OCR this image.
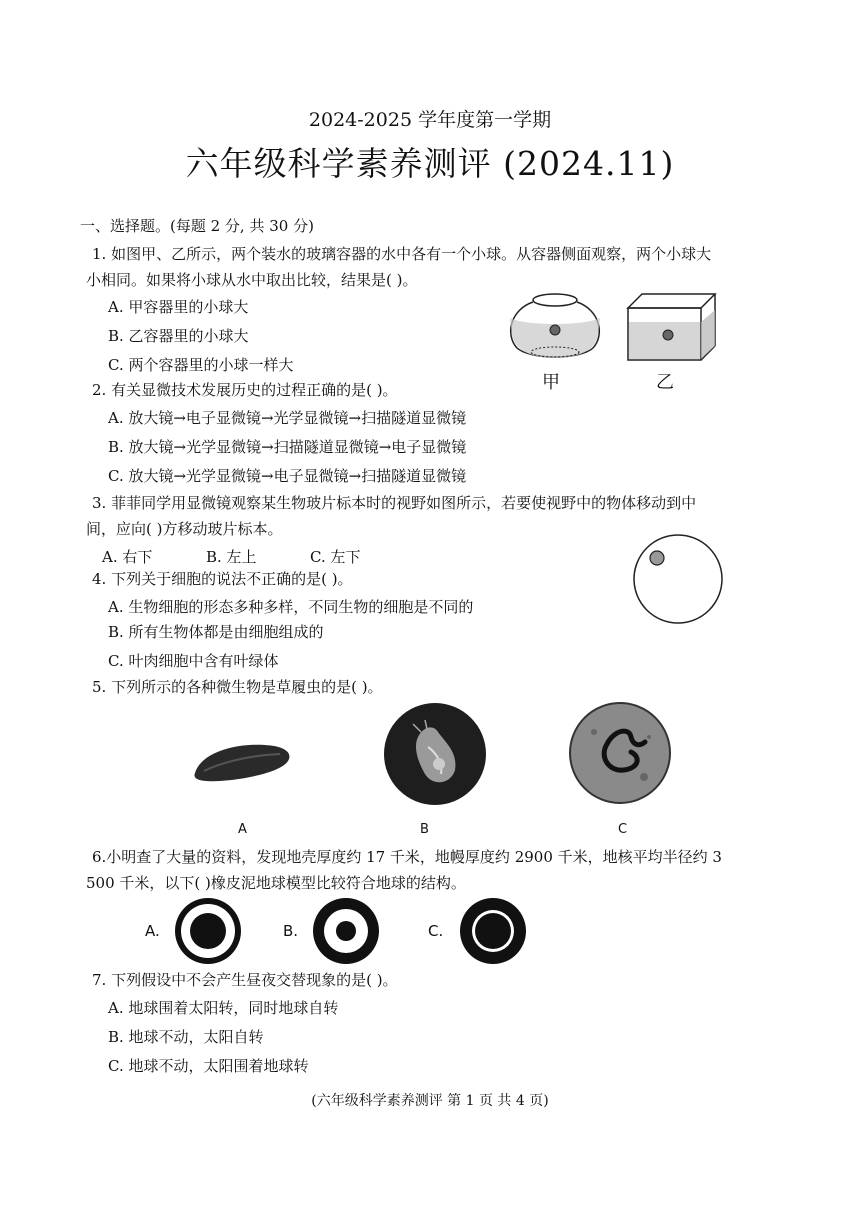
2024-2025 学年度第一学期
六年级科学素养测评 (2024.11)
一、选择题。(每题 2 分, 共 30 分)
1. 如图甲、乙所示，两个装水的玻璃容器的水中各有一个小球。从容器侧面观察，两个小球大
小相同。如果将小球从水中取出比较，结果是( )。
A. 甲容器里的小球大
B. 乙容器里的小球大
C. 两个容器里的小球一样大
甲	乙
2. 有关显微技术发展历史的过程正确的是( )。
A. 放大镜→电子显微镜→光学显微镜→扫描隧道显微镜
B. 放大镜→光学显微镜→扫描隧道显微镜→电子显微镜
C. 放大镜→光学显微镜→电子显微镜→扫描隧道显微镜
3. 菲菲同学用显微镜观察某生物玻片标本时的视野如图所示，若要使视野中的物体移动到中
间，应向( )方移动玻片标本。
A. 右下	B. 左上	C. 左下
4. 下列关于细胞的说法不正确的是( )。
A. 生物细胞的形态多种多样，不同生物的细胞是不同的
B. 所有生物体都是由细胞组成的
C. 叶肉细胞中含有叶绿体
5. 下列所示的各种微生物是草履虫的是( )。
A	B	C
6.小明查了大量的资料，发现地壳厚度约 17 千米，地幔厚度约 2900 千米，地核平均半径约 3
500 千米，以下( )橡皮泥地球模型比较符合地球的结构。
A.	B.	C.
7. 下列假设中不会产生昼夜交替现象的是( )。
A. 地球围着太阳转，同时地球自转
B. 地球不动，太阳自转
C. 地球不动，太阳围着地球转
(六年级科学素养测评 第 1 页 共 4 页)
